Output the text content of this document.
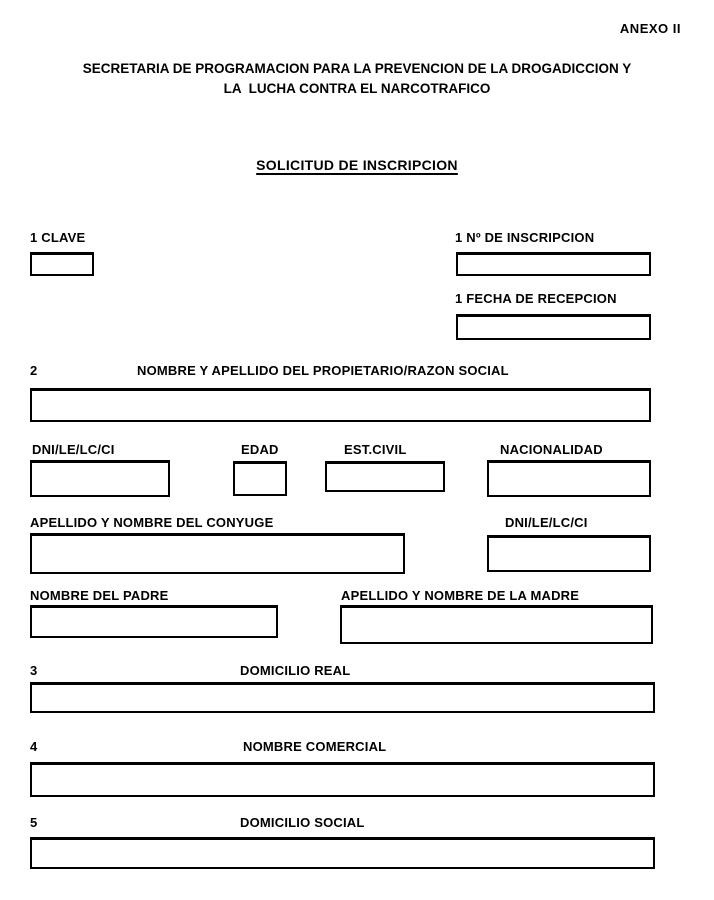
ANEXO II
SECRETARIA DE PROGRAMACION PARA LA PREVENCION DE LA DROGADICCION Y
LA  LUCHA CONTRA EL NARCOTRAFICO
SOLICITUD DE INSCRIPCION
1 CLAVE	1 Nº DE INSCRIPCION
1 FECHA DE RECEPCION
2	NOMBRE Y APELLIDO DEL PROPIETARIO/RAZON SOCIAL
DNI/LE/LC/CI	EDAD	EST.CIVIL	NACIONALIDAD
APELLIDO Y NOMBRE DEL CONYUGE	DNI/LE/LC/CI
NOMBRE DEL PADRE	APELLIDO Y NOMBRE DE LA MADRE
3	DOMICILIO REAL
4	NOMBRE COMERCIAL
5	DOMICILIO SOCIAL
